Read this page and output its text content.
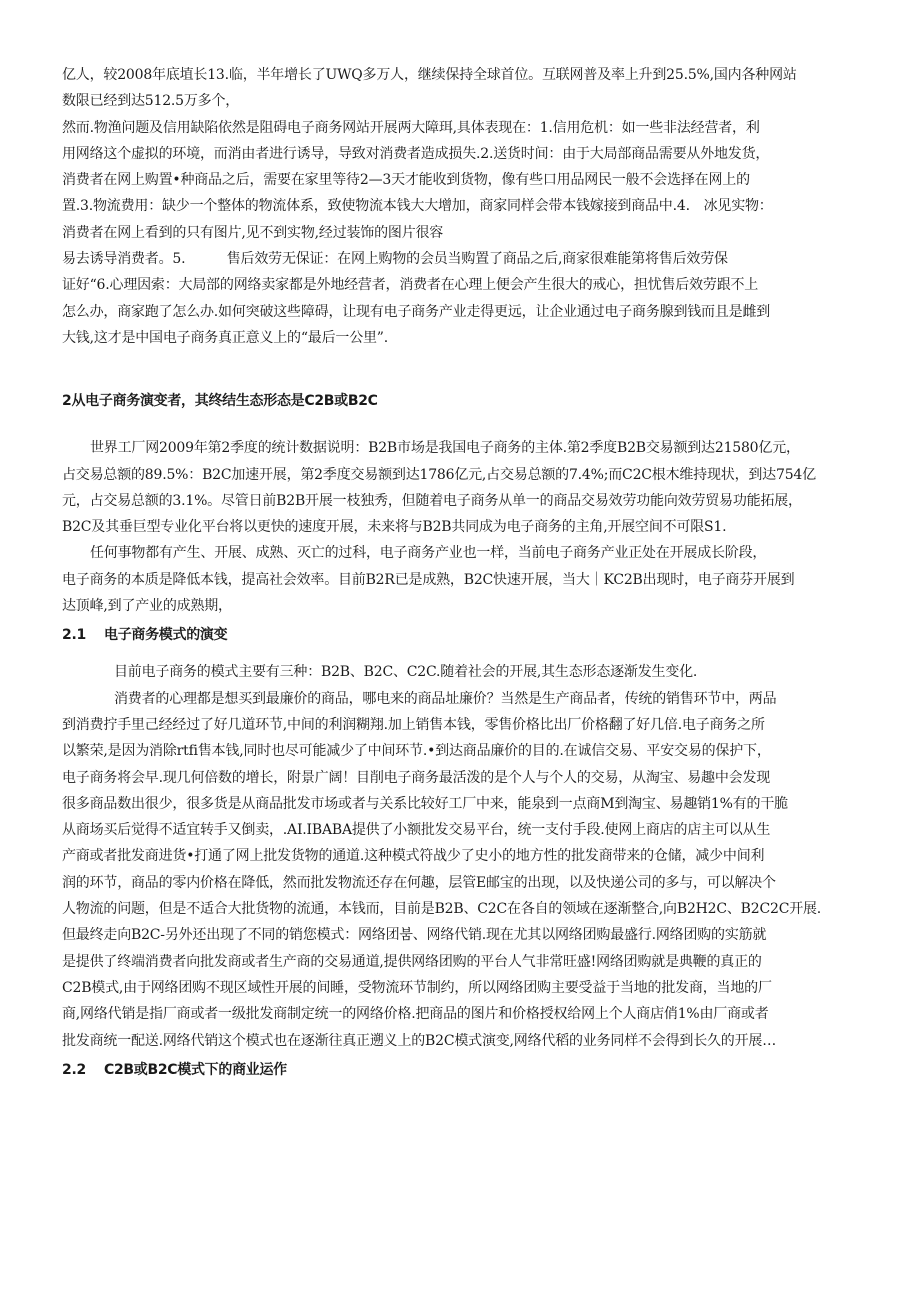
亿人，较2008年底埴长13.临，半年增长了UWQ多万人，继续保持全球首位。互联网普及率上升到25.5%,国内各种网站
数限已经到达512.5万多个，
然而.物渔问题及信用缺陷依然是阻碍电子商务网站开展两大障珥,具体表现在：1.信用危机：如一些非法经营者，利
用网络这个虚拟的环境，而消由者进行诱导，导致对消费者造成损失.2.送货时间：由于大局部商品需要从外地发货，
消费者在网上购置•种商品之后，需要在家里等待2—3天才能收到货物，像有些口用品网民一般不会选择在网上的
置.3.物流费用：缺少一个整体的物流体系，致使物流本钱大大增加，商家同样会带本钱嫁接到商品中.4.　冰见实物：
消费者在网上看到的只有图片,见不到实物,经过装饰的图片很容
易去诱导消费者。5.　　　售后效劳无保证：在网上购物的会员当购置了商品之后,商家很难能第将售后效劳保
证好“6.心理因索：大局部的网络卖家都是外地经营者，消费者在心理上便会产生很大的戒心，担忧售后效劳跟不上
怎么办，商家跑了怎么办.如何突破这些障碍，让现有电子商务产业走得更远，让企业通过电子商务腺到钱而且是雌到
大钱,这才是中国电子商务真正意义上的“最后一公里”.
2从电子商务演变者，其终结生态形态是C2B或B2C
世界工厂网2009年第2季度的统计数据说明：B2B市场是我国电子商务的主体.第2季度B2B交易额到达21580亿元，
占交易总额的89.5%：B2C加速开展，第2季度交易额到达1786亿元,占交易总额的7.4%;而C2C根木维持现状，到达754亿
元，占交易总额的3.1%。尽管日前B2B开展一枝独秀，但随着电子商务从单一的商品交易效劳功能向效劳贸易功能拓展，
B2C及其垂巨型专业化平台将以更快的速度开展，未来将与B2B共同成为电子商务的主角,开展空间不可限S1.
任何事物都有产生、开展、成熟、灭亡的过科，电子商务产业也一样，当前电子商务产业正处在开展成长阶段，
电子商务的本质是降低本钱，提高社会效率。目前B2R已是成熟，B2C快速开展，当大｜KC2B出现时，电子商芬开展到
达顶峰,到了产业的成熟期，
2.1 电子商务模式的演变
目前电子商务的模式主要有三种：B2B、B2C、C2C.随着社会的开展,其生态形态逐渐发生变化.
消费者的心理都是想买到最廉价的商品，哪电来的商品址廉价？当然是生产商品者，传统的销售环节中，两品
到消费拧手里己经经过了好几道环节,中间的利润糊翔.加上销售本钱，零售价格比出厂价格翻了好几倍.电子商务之所
以繁荣,是因为消除rtfi售本钱,同时也尽可能减少了中间环节.•到达商品廉价的目的.在诚信交易、平安交易的保护下，
电子商务将会早.现几何倍数的增长，附景广阔！目削电子商务最活泼的是个人与个人的交易，从淘宝、易趣中会发现
很多商品数出很少，很多货是从商品批发市场或者与关系比较好工厂中来，能泉到一点商M到淘宝、易趣销1%有的干脆
从商场买后觉得不适宜转手又倒卖，.AI.IBABA提供了小额批发交易平台，统一支付手段.使网上商店的店主可以从生
产商或者批发商进货•打通了网上批发货物的通道.这种模式符战少了史小的地方性的批发商带来的仓储，减少中间利
润的环节，商品的零内价格在降低，然而批发物流还存在何趣，层管E邮宝的出现，以及快递公司的多与，可以解决个
人物流的问题，但是不适合大批货物的流通，本钱而，目前是B2B、C2C在各自的领域在逐渐整合,向B2H2C、B2C2C开展.
但最终走向B2C-另外还出现了不同的销您模式：网络团붐、网络代销.现在尤其以网络团购最盛行.网络团购的实筋就
是提供了终端消费者向批发商或者生产商的交易通道,提供网络团购的平台人气非常旺盛!网络团购就是典鞭的真正的
C2B模式,由于网络团购不现区域性开展的间睡，受物流环节制约，所以网络团购主要受益于当地的批发商，当地的厂
商,网络代销是指厂商或者一级批发商制定统一的网络价格.把商品的图片和价格授权给网上个人商店俏1%由厂商或者
批发商统一配送.网络代销这个模式也在逐渐往真正遡义上的B2C模式演变,网络代稻的业务同样不会得到长久的开展…
2.2 C2B或B2C模式下的商业运作
